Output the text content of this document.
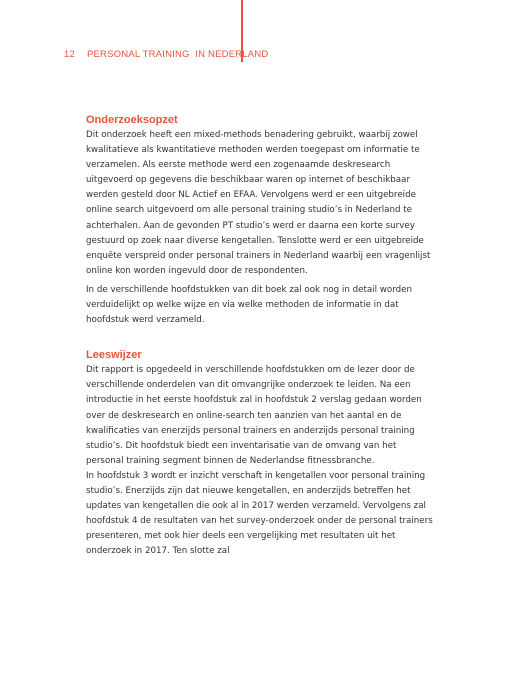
12 PERSONAL TRAINING  IN NEDERLAND
Onderzoeksopzet

Dit onderzoek heeft een mixed-methods benadering gebruikt, waarbij zowel kwalitatieve als kwantitatieve methoden werden toegepast om informatie te verzamelen. Als eerste methode werd een zogenaamde deskresearch uitgevoerd op gegevens die beschikbaar waren op internet of beschikbaar werden gesteld door NL Actief en EFAA. Vervolgens werd er een uitgebreide online search uitgevoerd om alle personal training studio’s in Nederland te achterhalen. Aan de gevonden PT studio’s werd er daarna een korte survey gestuurd op zoek naar diverse kengetallen. Tenslotte werd er een uitgebreide enquête verspreid onder personal trainers in Nederland waarbij een vragenlijst online kon worden ingevuld door de respondenten.

In de verschillende hoofdstukken van dit boek zal ook nog in detail worden verduidelijkt op welke wijze en via welke methoden de informatie in dat hoofdstuk werd verzameld.

Leeswijzer

Dit rapport is opgedeeld in verschillende hoofdstukken om de lezer door de verschillende onderdelen van dit omvangrijke onderzoek te leiden. Na een introductie in het eerste hoofdstuk zal in hoofdstuk 2 verslag gedaan worden over de deskresearch en online-search ten aanzien van het aantal en de kwalificaties van enerzijds personal trainers en anderzijds personal training studio’s. Dit hoofdstuk biedt een inventarisatie van de omvang van het personal training segment binnen de Nederlandse fitnessbranche.

In hoofdstuk 3 wordt er inzicht verschaft in kengetallen voor personal training studio’s. Enerzijds zijn dat nieuwe kengetallen, en anderzijds betreffen het updates van kengetallen die ook al in 2017 werden verzameld. Vervolgens zal hoofdstuk 4 de resultaten van het survey-onderzoek onder de personal trainers presenteren, met ook hier deels een vergelijking met resultaten uit het onderzoek in 2017. Ten slotte zal
